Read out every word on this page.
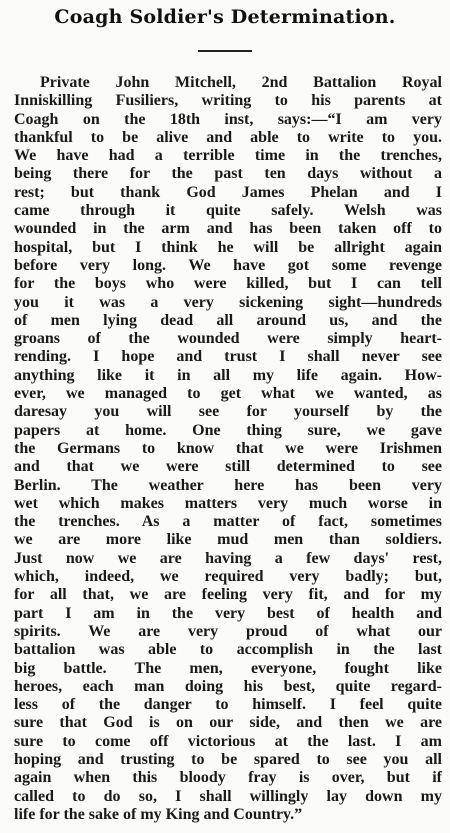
Coagh Soldier's Determination.
Private John Mitchell, 2nd Battalion Royal
Inniskilling Fusiliers, writing to his parents at
Coagh on the 18th inst, says:—“I am very
thankful to be alive and able to write to you.
We have had a terrible time in the trenches,
being there for the past ten days without a
rest; but thank God James Phelan and I
came through it quite safely. Welsh was
wounded in the arm and has been taken off to
hospital, but I think he will be allright again
before very long. We have got some revenge
for the boys who were killed, but I can tell
you it was a very sickening sight—hundreds
of men lying dead all around us, and the
groans of the wounded were simply heart-
rending. I hope and trust I shall never see
anything like it in all my life again. How-
ever, we managed to get what we wanted, as
daresay you will see for yourself by the
papers at home. One thing sure, we gave
the Germans to know that we were Irishmen
and that we were still determined to see
Berlin. The weather here has been very
wet which makes matters very much worse in
the trenches. As a matter of fact, sometimes
we are more like mud men than soldiers.
Just now we are having a few days' rest,
which, indeed, we required very badly; but,
for all that, we are feeling very fit, and for my
part I am in the very best of health and
spirits. We are very proud of what our
battalion was able to accomplish in the last
big battle. The men, everyone, fought like
heroes, each man doing his best, quite regard-
less of the danger to himself. I feel quite
sure that God is on our side, and then we are
sure to come off victorious at the last. I am
hoping and trusting to be spared to see you all
again when this bloody fray is over, but if
called to do so, I shall willingly lay down my
life for the sake of my King and Country.”
